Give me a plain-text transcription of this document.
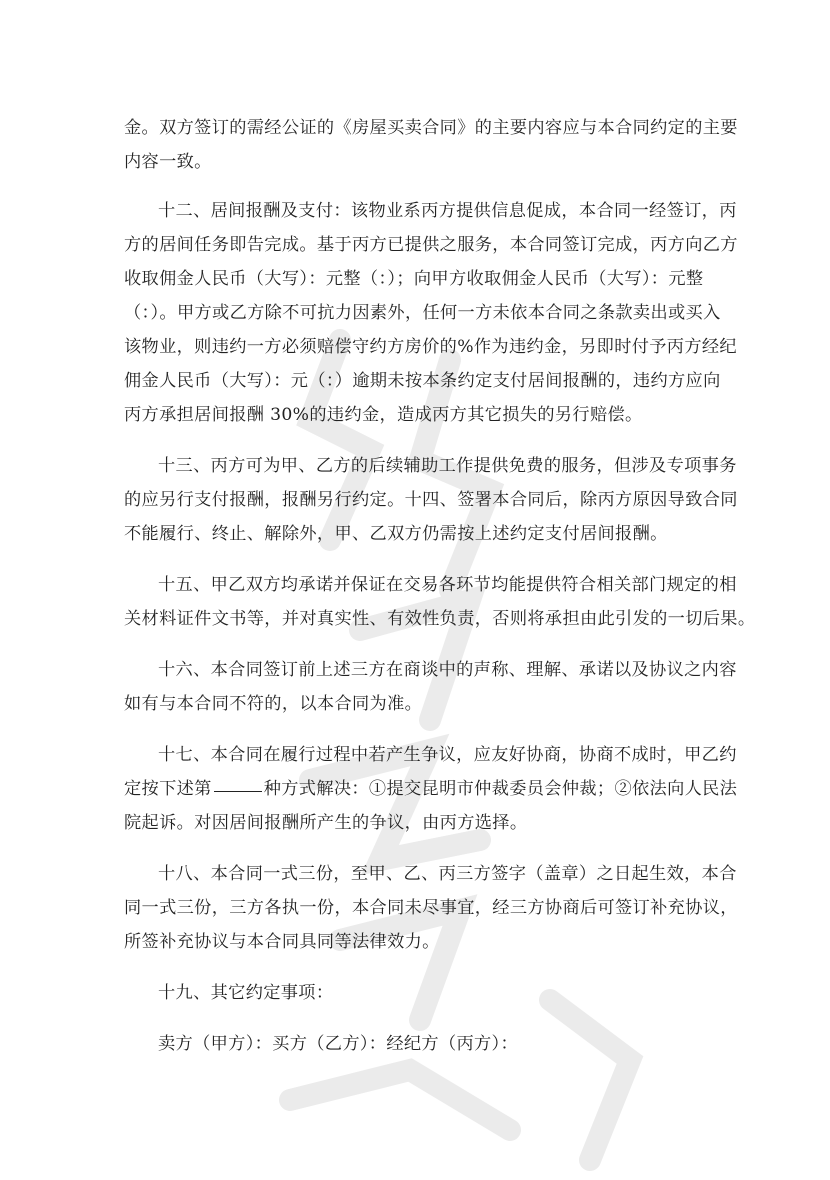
金。双方签订的需经公证的《房屋买卖合同》的主要内容应与本合同约定的主要
内容一致。
十二、居间报酬及支付：该物业系丙方提供信息促成，本合同一经签订，丙
方的居间任务即告完成。基于丙方已提供之服务，本合同签订完成，丙方向乙方
收取佣金人民币（大写）：元整（：）；向甲方收取佣金人民币（大写）：元整
（：）。甲方或乙方除不可抗力因素外，任何一方未依本合同之条款卖出或买入
该物业，则违约一方必须赔偿守约方房价的%作为违约金，另即时付予丙方经纪
佣金人民币（大写）：元（：）逾期未按本条约定支付居间报酬的，违约方应向
丙方承担居间报酬 30%的违约金，造成丙方其它损失的另行赔偿。
十三、丙方可为甲、乙方的后续辅助工作提供免费的服务，但涉及专项事务
的应另行支付报酬，报酬另行约定。十四、签署本合同后，除丙方原因导致合同
不能履行、终止、解除外，甲、乙双方仍需按上述约定支付居间报酬。
十五、甲乙双方均承诺并保证在交易各环节均能提供符合相关部门规定的相
关材料证件文书等，并对真实性、有效性负责，否则将承担由此引发的一切后果。
十六、本合同签订前上述三方在商谈中的声称、理解、承诺以及协议之内容
如有与本合同不符的，以本合同为准。
十七、本合同在履行过程中若产生争议，应友好协商，协商不成时，甲乙约
定按下述第	种方式解决：①提交昆明市仲裁委员会仲裁；②依法向人民法
院起诉。对因居间报酬所产生的争议，由丙方选择。
十八、本合同一式三份，至甲、乙、丙三方签字（盖章）之日起生效，本合
同一式三份，三方各执一份，本合同未尽事宜，经三方协商后可签订补充协议，
所签补充协议与本合同具同等法律效力。
十九、其它约定事项：
卖方（甲方）：买方（乙方）：经纪方（丙方）：
